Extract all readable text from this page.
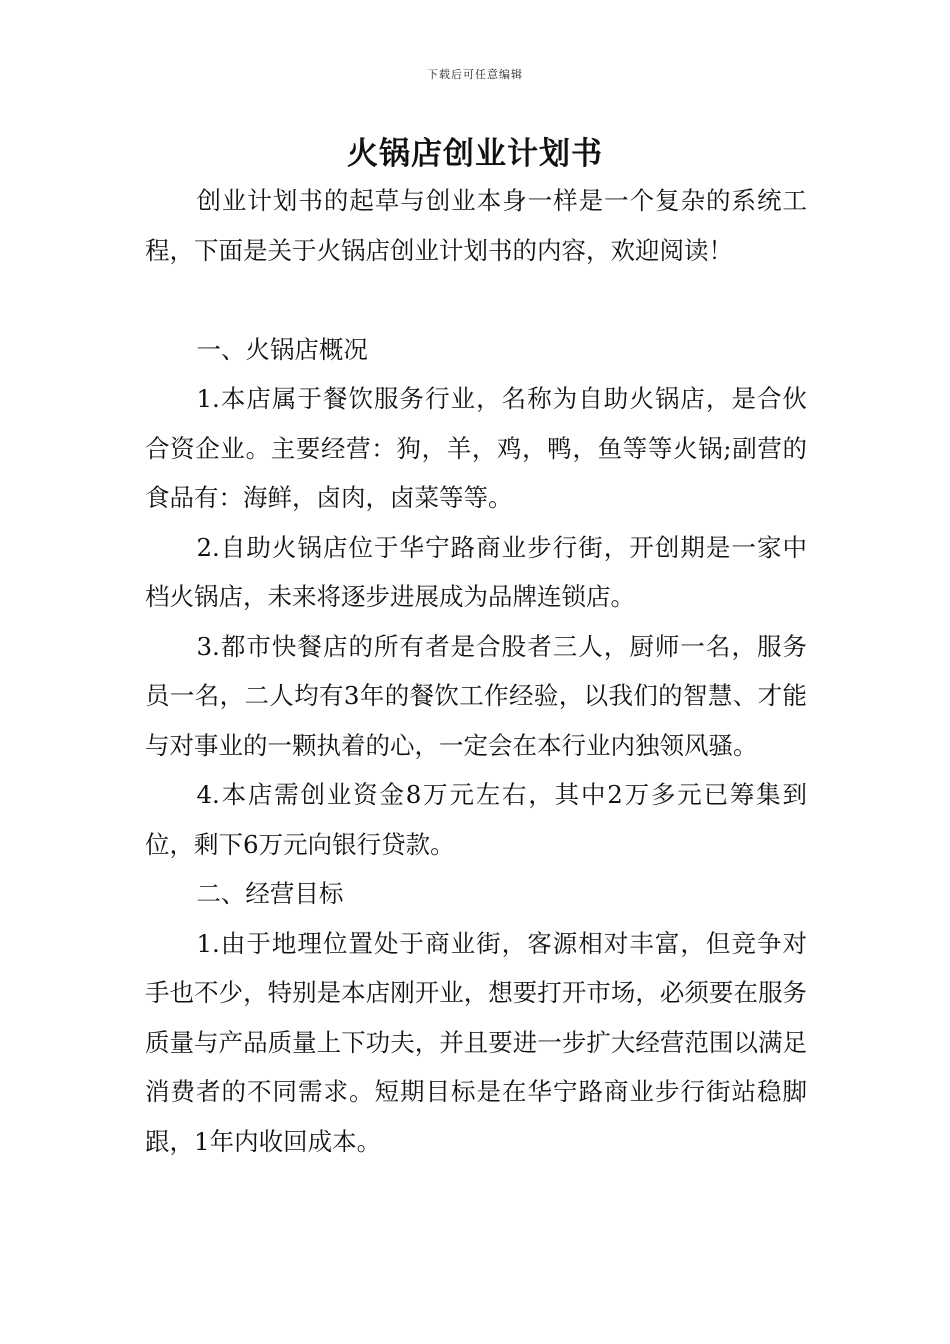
下载后可任意编辑
火锅店创业计划书

创业计划书的起草与创业本身一样是一个复杂的系统工程，下面是关于火锅店创业计划书的内容，欢迎阅读！

一、火锅店概况

1.本店属于餐饮服务行业，名称为自助火锅店，是合伙合资企业。主要经营：狗，羊，鸡，鸭，鱼等等火锅;副营的食品有：海鲜，卤肉，卤菜等等。

2.自助火锅店位于华宁路商业步行街，开创期是一家中档火锅店，未来将逐步进展成为品牌连锁店。

3.都市快餐店的所有者是合股者三人，厨师一名，服务员一名，二人均有3年的餐饮工作经验，以我们的智慧、才能与对事业的一颗执着的心，一定会在本行业内独领风骚。

4.本店需创业资金8万元左右，其中2万多元已筹集到位，剩下6万元向银行贷款。

二、经营目标

1.由于地理位置处于商业街，客源相对丰富，但竞争对手也不少，特别是本店刚开业，想要打开市场，必须要在服务质量与产品质量上下功夫，并且要进一步扩大经营范围以满足消费者的不同需求。短期目标是在华宁路商业步行街站稳脚跟，1年内收回成本。
